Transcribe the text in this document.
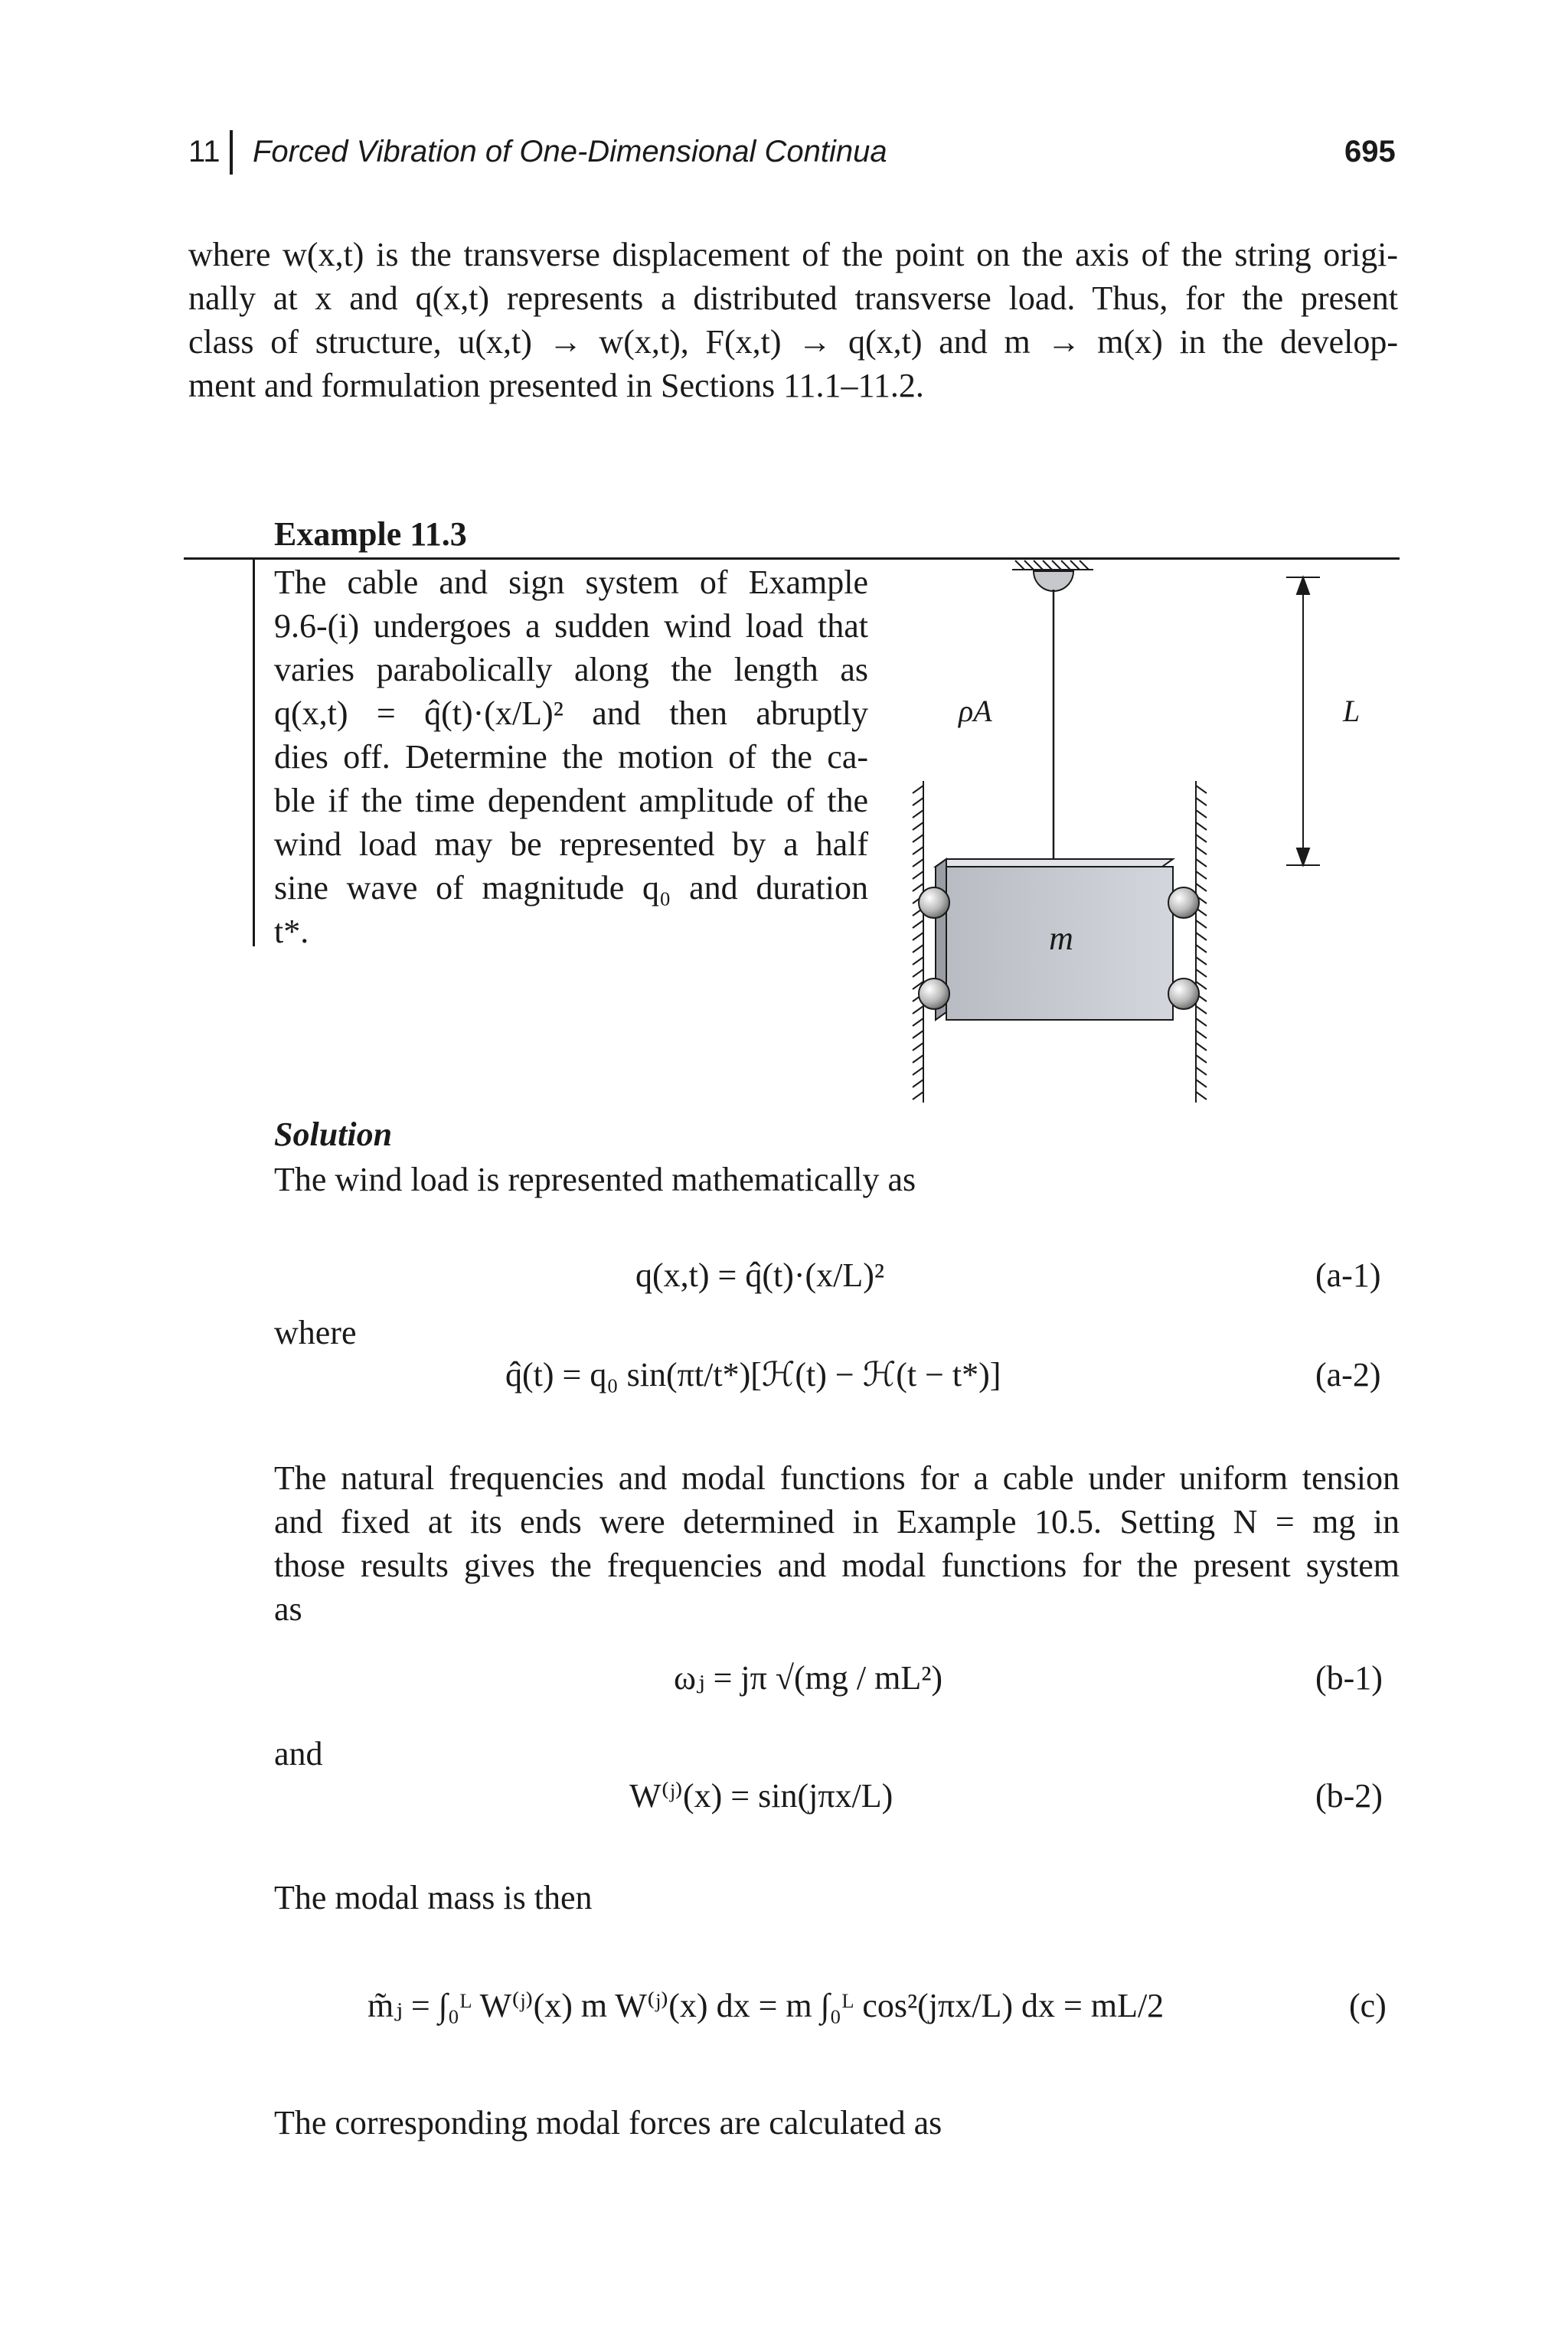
11 Forced Vibration of One-Dimensional Continua	695
where w(x,t) is the transverse displacement of the point on the axis of the string origi-
nally at x and q(x,t) represents a distributed transverse load. Thus, for the present
class of structure, u(x,t) → w(x,t), F(x,t) → q(x,t) and m → m(x) in the develop-
ment and formulation presented in Sections 11.1–11.2.
Example 11.3
The cable and sign system of Example
9.6-(i) undergoes a sudden wind load that
varies parabolically along the length as
q(x,t) = q̂(t)·(x/L)² and then abruptly
dies off. Determine the motion of the ca-
ble if the time dependent amplitude of the
wind load may be represented by a half
sine wave of magnitude q₀ and duration
t*.
ρA	L
m
Solution
The wind load is represented mathematically as
q(x,t) = q̂(t)·(x/L)²	(a-1)
where
q̂(t) = q₀ sin(πt/t*)[ℋ(t) − ℋ(t − t*)]	(a-2)
The natural frequencies and modal functions for a cable under uniform tension
and fixed at its ends were determined in Example 10.5. Setting N = mg in
those results gives the frequencies and modal functions for the present system
as
ωⱼ = jπ √(mg / mL²)	(b-1)
and
W⁽ʲ⁾(x) = sin(jπx/L)	(b-2)
The modal mass is then
m̃ⱼ = ∫₀ᴸ W⁽ʲ⁾(x) m W⁽ʲ⁾(x) dx = m ∫₀ᴸ cos²(jπx/L) dx = mL/2	(c)
The corresponding modal forces are calculated as
